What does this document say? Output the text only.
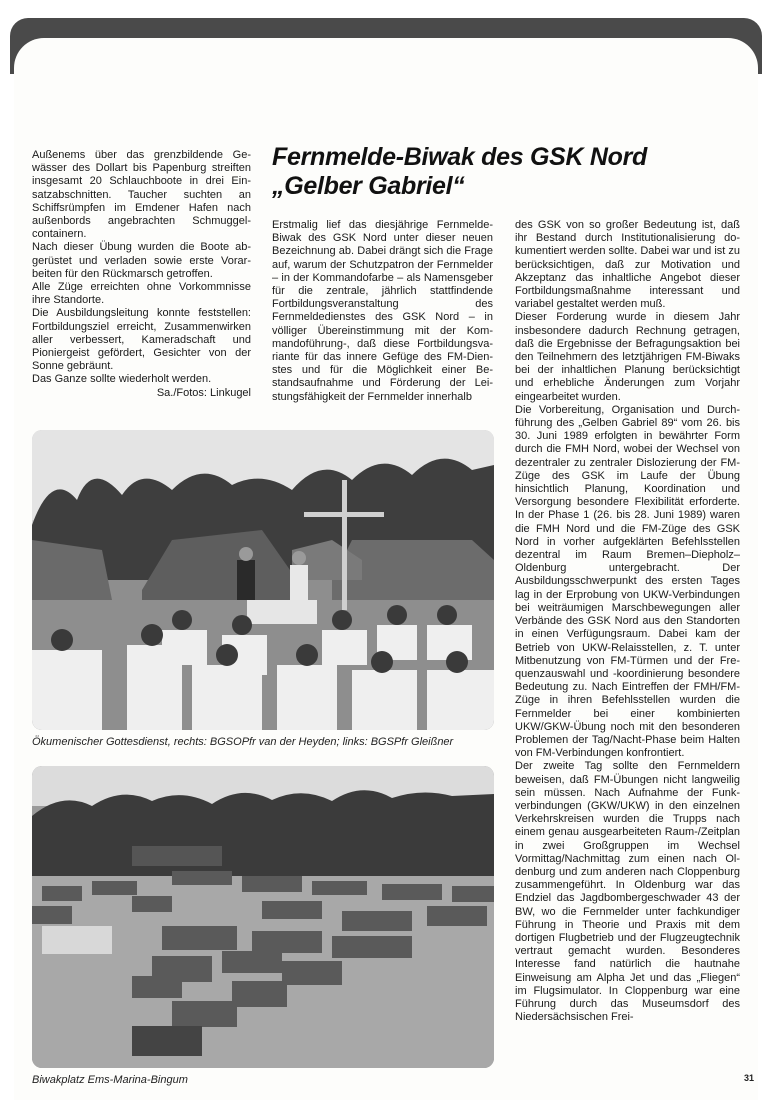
Außenems über das grenzbildende Gewässer des Dollart bis Papenburg streiften insgesamt 20 Schlauchboote in drei Einsatzabschnitten. Taucher suchten an Schiffsrümpfen im Emdener Hafen nach außenbords angebrachten Schmuggelcontainern.

Nach dieser Übung wurden die Boote abgerüstet und verladen sowie erste Vorarbeiten für den Rückmarsch getroffen.

Alle Züge erreichten ohne Vorkommnisse ihre Standorte.

Die Ausbildungsleitung konnte feststellen: Fortbildungsziel erreicht, Zusammenwirken aller verbessert, Kameradschaft und Pioniergeist gefördert, Gesichter von der Sonne gebräunt.

Das Ganze sollte wiederholt werden.

Sa./Fotos: Linkugel

Fernmelde-Biwak des GSK Nord
„Gelber Gabriel“

Erstmalig lief das diesjährige Fernmelde-Biwak des GSK Nord unter dieser neuen Bezeichnung ab. Dabei drängt sich die Frage auf, warum der Schutzpatron der Fernmelder – in der Kommandofarbe – als Namensgeber für die zentrale, jährlich stattfindende Fortbildungsveranstaltung des Fernmeldedienstes des GSK Nord – in völliger Übereinstimmung mit der Kommandoführung-, daß diese Fortbildungsvariante für das innere Gefüge des FM-Dienstes und für die Möglichkeit einer Bestandsaufnahme und Förderung der Leistungsfähigkeit der Fernmelder innerhalb

des GSK von so großer Bedeutung ist, daß ihr Bestand durch Institutionalisierung dokumentiert werden sollte. Dabei war und ist zu berücksichtigen, daß zur Motivation und Akzeptanz das inhaltliche Angebot dieser Fortbildungsmaßnahme interessant und variabel gestaltet werden muß.

Dieser Forderung wurde in diesem Jahr insbesondere dadurch Rechnung getragen, daß die Ergebnisse der Befragungsaktion bei den Teilnehmern des letztjährigen FM-Biwaks bei der inhaltlichen Planung berücksichtigt und erhebliche Änderungen zum Vorjahr eingearbeitet wurden.

Die Vorbereitung, Organisation und Durchführung des „Gelben Gabriel 89“ vom 26. bis 30. Juni 1989 erfolgten in bewährter Form durch die FMH Nord, wobei der Wechsel von dezentraler zu zentraler Dislozierung der FM-Züge des GSK im Laufe der Übung hinsichtlich Planung, Koordination und Versorgung besondere Flexibilität erforderte. In der Phase 1 (26. bis 28. Juni 1989) waren die FMH Nord und die FM-Züge des GSK Nord in vorher aufgeklärten Befehlsstellen dezentral im Raum Bremen–Diepholz–Oldenburg untergebracht. Der Ausbildungsschwerpunkt des ersten Tages lag in der Erprobung von UKW-Verbindungen bei weiträumigen Marschbewegungen aller Verbände des GSK Nord aus den Standorten in einen Verfügungsraum. Dabei kam der Betrieb von UKW-Relaisstellen, z. T. unter Mitbenutzung von FM-Türmen und der Frequenzauswahl und -koordinierung besondere Bedeutung zu. Nach Eintreffen der FMH/FM-Züge in ihren Befehlsstellen wurden die Fernmelder bei einer kombinierten UKW/GKW-Übung noch mit den besonderen Problemen der Tag/Nacht-Phase beim Halten von FM-Verbindungen konfrontiert.

Der zweite Tag sollte den Fernmeldern beweisen, daß FM-Übungen nicht langweilig sein müssen. Nach Aufnahme der Funkverbindungen (GKW/UKW) in den einzelnen Verkehrskreisen wurden die Trupps nach einem genau ausgearbeiteten Raum-/Zeitplan in zwei Großgruppen im Wechsel Vormittag/Nachmittag zum einen nach Oldenburg und zum anderen nach Cloppenburg zusammengeführt. In Oldenburg war das Endziel das Jagdbombergeschwader 43 der BW, wo die Fernmelder unter fachkundiger Führung in Theorie und Praxis mit dem dortigen Flugbetrieb und der Flugzeugtechnik vertraut gemacht wurden. Besonderes Interesse fand natürlich die hautnahe Einweisung am Alpha Jet und das „Fliegen“ im Flugsimulator. In Cloppenburg war eine Führung durch das Museumsdorf des Niedersächsischen Frei-

Ökumenischer Gottesdienst, rechts: BGSOPfr van der Heyden; links: BGSPfr Gleißner
Biwakplatz Ems-Marina-Bingum	31
